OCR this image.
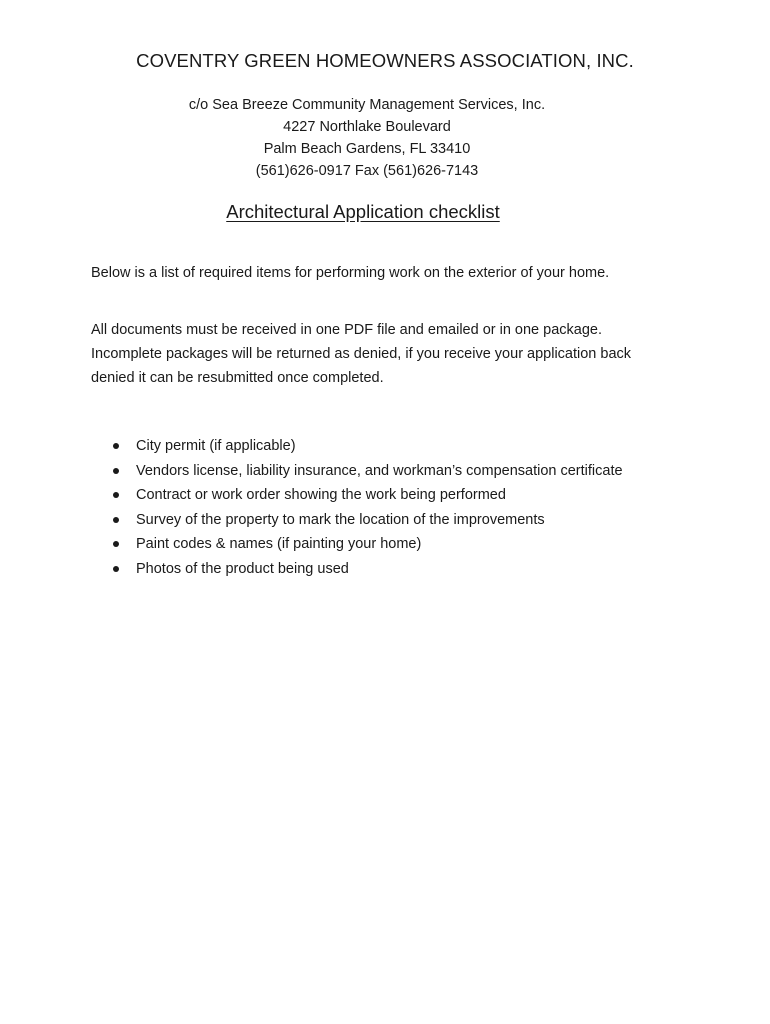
COVENTRY GREEN HOMEOWNERS ASSOCIATION, INC.
c/o Sea Breeze Community Management Services, Inc.
4227 Northlake Boulevard
Palm Beach Gardens, FL 33410
(561)626-0917 Fax (561)626-7143
Architectural Application checklist

Below is a list of required items for performing work on the exterior of your home.

All documents must be received in one PDF file and emailed or in one package. Incomplete packages will be returned as denied, if you receive your application back denied it can be resubmitted once completed.

City permit (if applicable)
Vendors license, liability insurance, and workman’s compensation certificate
Contract or work order showing the work being performed
Survey of the property to mark the location of the improvements
Paint codes & names (if painting your home)
Photos of the product being used
